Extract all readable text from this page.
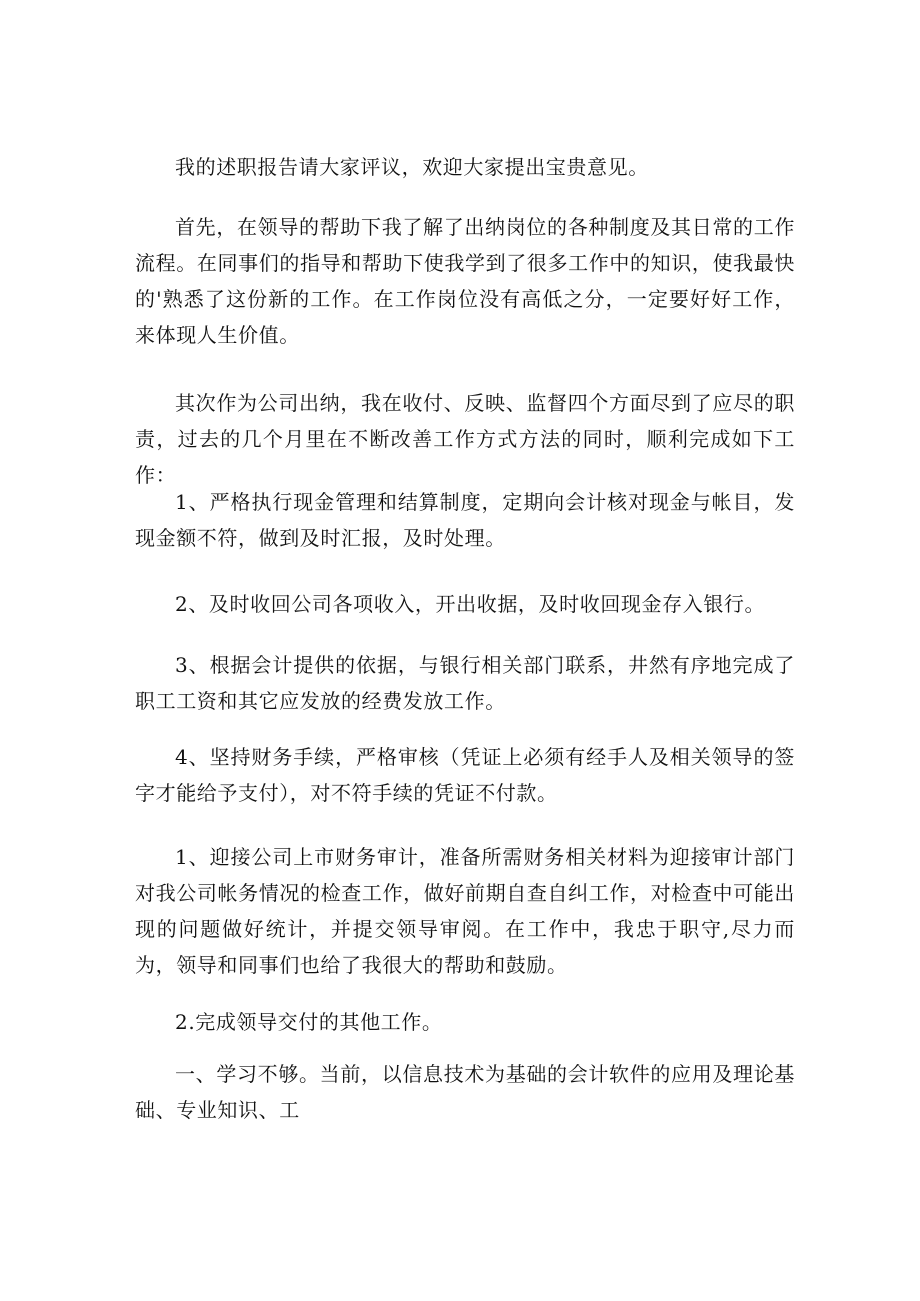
我的述职报告请大家评议，欢迎大家提出宝贵意见。

首先，在领导的帮助下我了解了出纳岗位的各种制度及其日常的工作流程。在同事们的指导和帮助下使我学到了很多工作中的知识，使我最快的'熟悉了这份新的工作。在工作岗位没有高低之分，一定要好好工作，来体现人生价值。

其次作为公司出纳，我在收付、反映、监督四个方面尽到了应尽的职责，过去的几个月里在不断改善工作方式方法的同时，顺利完成如下工作：

1、严格执行现金管理和结算制度，定期向会计核对现金与帐目，发现金额不符，做到及时汇报，及时处理。

2、及时收回公司各项收入，开出收据，及时收回现金存入银行。

3、根据会计提供的依据，与银行相关部门联系，井然有序地完成了职工工资和其它应发放的经费发放工作。

4、坚持财务手续，严格审核（凭证上必须有经手人及相关领导的签字才能给予支付），对不符手续的凭证不付款。

1、迎接公司上市财务审计，准备所需财务相关材料为迎接审计部门对我公司帐务情况的检查工作，做好前期自查自纠工作，对检查中可能出现的问题做好统计，并提交领导审阅。在工作中，我忠于职守,尽力而为，领导和同事们也给了我很大的帮助和鼓励。

2.完成领导交付的其他工作。

一、学习不够。当前，以信息技术为基础的会计软件的应用及理论基础、专业知识、工
